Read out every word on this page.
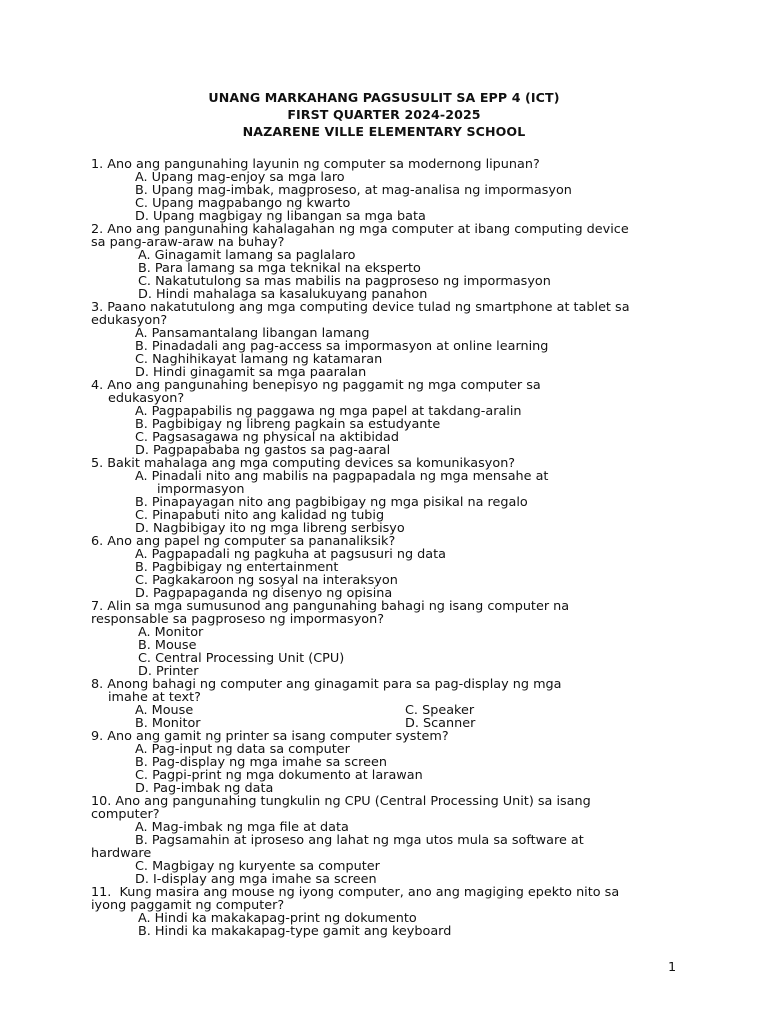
UNANG MARKAHANG PAGSUSULIT SA EPP 4 (ICT)
FIRST QUARTER 2024-2025
NAZARENE VILLE ELEMENTARY SCHOOL
1. Ano ang pangunahing layunin ng computer sa modernong lipunan?
A. Upang mag-enjoy sa mga laro
B. Upang mag-imbak, magproseso, at mag-analisa ng impormasyon
C. Upang magpabango ng kwarto
D. Upang magbigay ng libangan sa mga bata
2. Ano ang pangunahing kahalagahan ng mga computer at ibang computing device
sa pang-araw-araw na buhay?
A. Ginagamit lamang sa paglalaro
B. Para lamang sa mga teknikal na eksperto
C. Nakatutulong sa mas mabilis na pagproseso ng impormasyon
D. Hindi mahalaga sa kasalukuyang panahon
3. Paano nakatutulong ang mga computing device tulad ng smartphone at tablet sa
edukasyon?
A. Pansamantalang libangan lamang
B. Pinadadali ang pag-access sa impormasyon at online learning
C. Naghihikayat lamang ng katamaran
D. Hindi ginagamit sa mga paaralan
4. Ano ang pangunahing benepisyo ng paggamit ng mga computer sa
edukasyon?
A. Pagpapabilis ng paggawa ng mga papel at takdang-aralin
B. Pagbibigay ng libreng pagkain sa estudyante
C. Pagsasagawa ng physical na aktibidad
D. Pagpapababa ng gastos sa pag-aaral
5. Bakit mahalaga ang mga computing devices sa komunikasyon?
A. Pinadali nito ang mabilis na pagpapadala ng mga mensahe at
impormasyon
B. Pinapayagan nito ang pagbibigay ng mga pisikal na regalo
C. Pinapabuti nito ang kalidad ng tubig
D. Nagbibigay ito ng mga libreng serbisyo
6. Ano ang papel ng computer sa pananaliksik?
A. Pagpapadali ng pagkuha at pagsusuri ng data
B. Pagbibigay ng entertainment
C. Pagkakaroon ng sosyal na interaksyon
D. Pagpapaganda ng disenyo ng opisina
7. Alin sa mga sumusunod ang pangunahing bahagi ng isang computer na
responsable sa pagproseso ng impormasyon?
A. Monitor
B. Mouse
C. Central Processing Unit (CPU)
D. Printer
8. Anong bahagi ng computer ang ginagamit para sa pag-display ng mga
imahe at text?
A. Mouse	C. Speaker
B. Monitor	D. Scanner
9. Ano ang gamit ng printer sa isang computer system?
A. Pag-input ng data sa computer
B. Pag-display ng mga imahe sa screen
C. Pagpi-print ng mga dokumento at larawan
D. Pag-imbak ng data
10. Ano ang pangunahing tungkulin ng CPU (Central Processing Unit) sa isang
computer?
A. Mag-imbak ng mga file at data
B. Pagsamahin at iproseso ang lahat ng mga utos mula sa software at
hardware
C. Magbigay ng kuryente sa computer
D. I-display ang mga imahe sa screen
11.  Kung masira ang mouse ng iyong computer, ano ang magiging epekto nito sa
iyong paggamit ng computer?
A. Hindi ka makakapag-print ng dokumento
B. Hindi ka makakapag-type gamit ang keyboard
1
